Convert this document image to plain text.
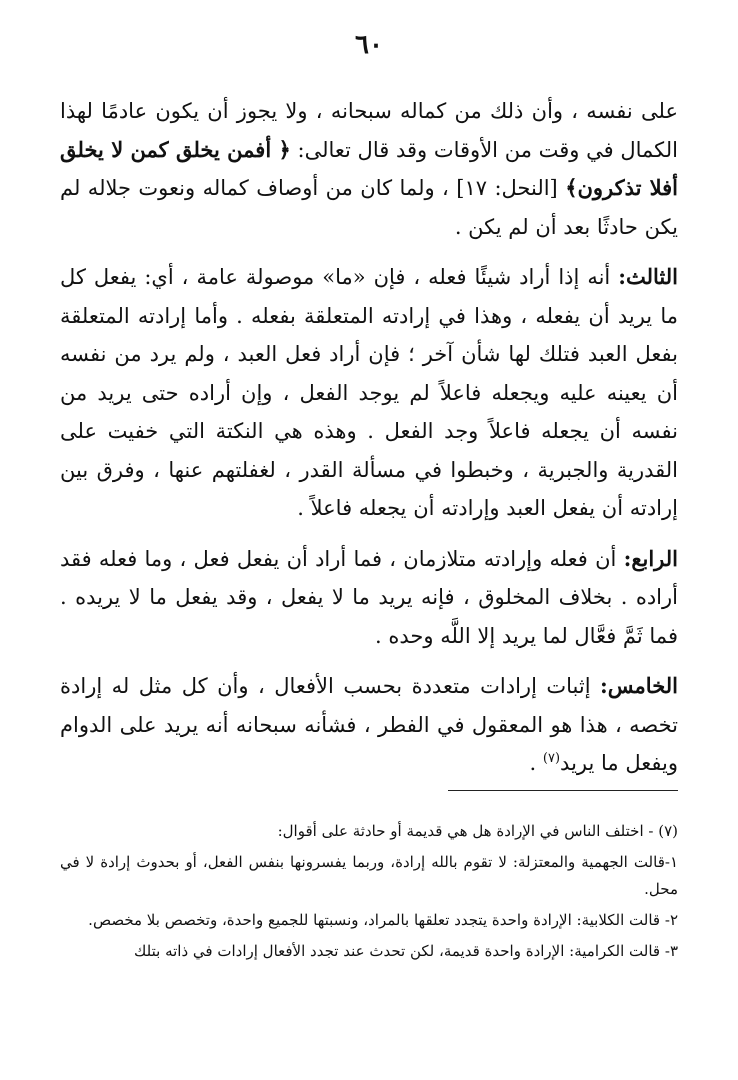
٦٠

على نفسه ، وأن ذلك من كماله سبحانه ، ولا يجوز أن يكون عادمًا لهذا الكمال في وقت من الأوقات وقد قال تعالى: ﴿ أفمن يخلق كمن لا يخلق أفلا تذكرون﴾ [النحل: ١٧] ، ولما كان من أوصاف كماله ونعوت جلاله لم يكن حادثًا بعد أن لم يكن .

الثالث: أنه إذا أراد شيئًا فعله ، فإن «ما» موصولة عامة ، أي: يفعل كل ما يريد أن يفعله ، وهذا في إرادته المتعلقة بفعله . وأما إرادته المتعلقة بفعل العبد فتلك لها شأن آخر ؛ فإن أراد فعل العبد ، ولم يرد من نفسه أن يعينه عليه ويجعله فاعلاً لم يوجد الفعل ، وإن أراده حتى يريد من نفسه أن يجعله فاعلاً وجد الفعل . وهذه هي النكتة التي خفيت على القدرية والجبرية ، وخبطوا في مسألة القدر ، لغفلتهم عنها ، وفرق بين إرادته أن يفعل العبد وإرادته أن يجعله فاعلاً .

الرابع: أن فعله وإرادته متلازمان ، فما أراد أن يفعل فعل ، وما فعله فقد أراده . بخلاف المخلوق ، فإنه يريد ما لا يفعل ، وقد يفعل ما لا يريده . فما ثَمَّ فعَّال لما يريد إلا اللَّه وحده .

الخامس: إثبات إرادات متعددة بحسب الأفعال ، وأن كل مثل له إرادة تخصه ، هذا هو المعقول في الفطر ، فشأنه سبحانه أنه يريد على الدوام ويفعل ما يريد$^{(٧)}$ .

(٧) - اختلف الناس في الإرادة هل هي قديمة أو حادثة على أقوال:

١-قالت الجهمية والمعتزلة: لا تقوم بالله إرادة، وربما يفسرونها بنفس الفعل، أو بحدوث إرادة لا في محل.

٢- قالت الكلابية: الإرادة واحدة يتجدد تعلقها بالمراد، ونسبتها للجميع واحدة، وتخصص بلا مخصص.

٣- قالت الكرامية: الإرادة واحدة قديمة، لكن تحدث عند تجدد الأفعال إرادات في ذاته بتلك
